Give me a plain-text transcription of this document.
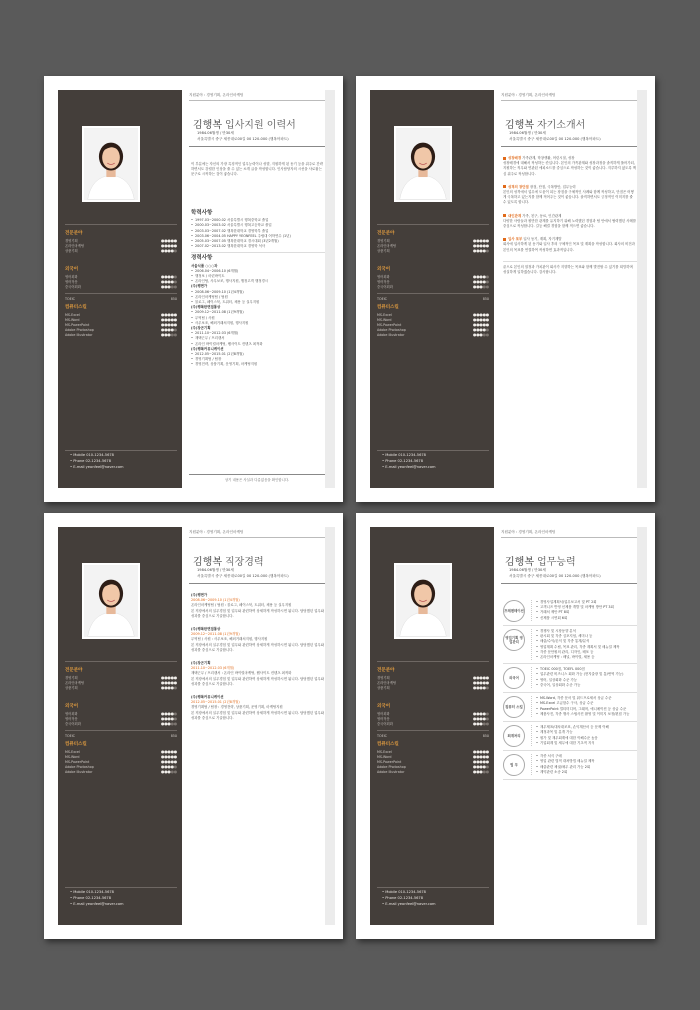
전문분야
경영기획	●●●●●
온라인마케팅	●●●●●
상품기획	●●●●●
외국어
영어회화	●●●●●
영어작문	●●●●●
중국어회화	●●●●●
컴퓨터스킬
MS-Excel	●●●●●
MS-Word	●●●●●
MS-PowerPoint	●●●●●
Adobe Photoshop	●●●●●
Adobe Illustrator	●●●●●
TOEIC	850
• Mobile 010-1234-5678
• Phone 02-1234-5678
• E-mail yeonfeel@naver.com
지원분야 : 경영기획, 온라인마케팅
김행복 입사지원 이력서
1984.06월생 / 만30세
서울특별시 중구 세종대로00길 00 120-000 (행복아파트)
이 부분에는 자신의 가장 특징적인 업무능력이나 성향, 지원하게 된 동기 등을 위주로 간략하면서도 강렬한 인상을 줄 수 있는 소개 글을 작성합니다. 인사담당자의 시선을 사로잡는 문구로 시작하는 것이 좋습니다.
학력사항
• 1997.03~2000.02 서울특별시 행복중학교 졸업
• 2000.03~2003.02 서울특별시 행복고등학교 졸업
• 2003.03~2007.02 행복한대학교 경영학부 졸업
• 2003.06~2004.05 HAPPY YEONFEEL 주립대 어학연수 (1년)
• 2005.03~2007.05 행복한대학교 경시대회 (3년2개월)
• 2007.02~2013.02 행복한대학교 경영학 석사
경력사항
서울식품 ○○○과
• 2006.04~2006.10 (6개월)
• 행정보 / 마린바이트
• 온라인팀, 사무보조, 행사지원, 행정고객 행정경시
(주)행면가
• 2008.06~2009.10 (1년4개월)
• 온라인마케팅팀 / 팀원
• 블로그, 페이스북, 트위터, 채용 등 실무지원
(주)행복한면접통상
• 2009.12~2011.08 (1년9개월)
• 무역팀 / 사원
• 사무보조, 해외거래처지원, 행사지원
(주)장곤기획
• 2011.10~2012.03 (6개월)
• 재택근무 / 프리랜서
• 온라인 바이럴마케팅, 웹사이트 컨텐츠 최적화
(주)행복커뮤니케이션
• 2012.05~2015.01 (2년8개월)
• 경영기획팀 / 팀장
• 경영전략, 상품기획, 운영기획, 마케팅지원
상기 내용은 사실과 다름없음을 확인합니다.
전문분야
경영기획	●●●●●
온라인마케팅	●●●●●
상품기획	●●●●●
외국어
영어회화	●●●●●
영어작문	●●●●●
중국어회화	●●●●●
컴퓨터스킬
MS-Excel	●●●●●
MS-Word	●●●●●
MS-PowerPoint	●●●●●
Adobe Photoshop	●●●●●
Adobe Illustrator	●●●●●
TOEIC	850
• Mobile 010-1234-5678
• Phone 02-1234-5678
• E-mail yeonfeel@naver.com
지원분야 : 경영기획, 온라인마케팅
김행복 자기소개서
1984.06월생 / 만30세
서울특별시 중구 세종대로00길 00 120-000 (행복아파트)
성장배경 가족관계, 학창생활, 어린시절, 성장
성장배경에 대해서 작성하는 칸입니다. 본인의 가족관계와 성장과정을 솔직하게 풀어가되, 지원하는 직무와 연관된 에피소드를 중심으로 작성하는 것이 좋습니다. 지루하지 않도록 핵심 위주로 작성합니다.
성격의 장단점 장점, 단점, 극복방안, 업무능력
본인의 성격에서 업무에 도움이 되는 장점을 구체적인 사례와 함께 작성하고, 단점은 어떻게 극복하고 있는지를 함께 적어주는 것이 좋습니다. 솔직하면서도 긍정적인 이미지를 줄 수 있도록 합니다.
대인관계 가족, 친구, 동료, 인간관계
다양한 사람들과 원만한 관계를 유지하기 위해 노력했던 경험과 팀 안에서 협력했던 사례를 중심으로 작성합니다. 갈등 해결 경험을 함께 적으면 좋습니다.
입사 포부 입사 동기, 계획, 자기계발
회사에 입사하게 된 동기와 입사 후의 구체적인 목표 및 계획을 작성합니다. 회사의 비전과 본인의 목표를 연결하여 작성하면 효과적입니다.
끝으로 본인의 열정과 가치관이 회사가 지향하는 목표와 함께 발전할 수 있기를 희망하며 성실하게 일하겠습니다. 감사합니다.
전문분야
경영기획	●●●●●
온라인마케팅	●●●●●
상품기획	●●●●●
외국어
영어회화	●●●●●
영어작문	●●●●●
중국어회화	●●●●●
컴퓨터스킬
MS-Excel	●●●●●
MS-Word	●●●●●
MS-PowerPoint	●●●●●
Adobe Photoshop	●●●●●
Adobe Illustrator	●●●●●
TOEIC	850
• Mobile 010-1234-5678
• Phone 02-1234-5678
• E-mail yeonfeel@naver.com
지원분야 : 경영기획, 온라인마케팅
김행복 직장경력
1984.06월생 / 만30세
서울특별시 중구 세종대로00길 00 120-000 (행복아파트)
(주)행면가
2008.06~2009.10 (1년4개월)
온라인마케팅팀 / 팀원 : 블로그, 페이스북, 트위터, 채용 등 실무지원
본 직장에서의 실무경험 및 업무와 관련하여 상세하게 작성하시면 됩니다. 담당했던 업무와 성과를 중심으로 기술합니다.
(주)행복한면접통상
2009.12~2011.08 (1년9개월)
무역팀 / 사원 : 사무보조, 해외거래처지원, 행사지원
본 직장에서의 실무경험 및 업무와 관련하여 상세하게 작성하시면 됩니다. 담당했던 업무와 성과를 중심으로 기술합니다.
(주)장곤기획
2011.10~2012.03 (6개월)
재택근무 / 프리랜서 : 온라인 바이럴마케팅, 웹사이트 컨텐츠 최적화
본 직장에서의 실무경험 및 업무와 관련하여 상세하게 작성하시면 됩니다. 담당했던 업무와 성과를 중심으로 기술합니다.
(주)행복커뮤니케이션
2012.05~2015.01 (2년8개월)
경영기획팀 / 팀장 : 경영전략, 상품기획, 운영기획, 마케팅지원
본 직장에서의 실무경험 및 업무와 관련하여 상세하게 작성하시면 됩니다. 담당했던 업무와 성과를 중심으로 기술합니다.
전문분야
경영기획	●●●●●
온라인마케팅	●●●●●
상품기획	●●●●●
외국어
영어회화	●●●●●
영어작문	●●●●●
중국어회화	●●●●●
컴퓨터스킬
MS-Excel	●●●●●
MS-Word	●●●●●
MS-PowerPoint	●●●●●
Adobe Photoshop	●●●●●
Adobe Illustrator	●●●●●
TOEIC	850
• Mobile 010-1234-5678
• Phone 02-1234-5678
• E-mail yeonfeel@naver.com
지원분야 : 경영기획, 온라인마케팅
김행복 업무능력
1984.06월생 / 만30세
서울특별시 중구 세종대로00길 00 120-000 (행복아파트)
프레젠테이션
• 경영사업계획서/업무보고서 및 PT 2회
• 고객니즈 반영 신제품 개발 및 마케팅 방안 PT 3회
• 거래처 제안 PT 8회
• 신제품 시연회 6회
영업기획 영업관리
• 경쟁사 및 시장동향 분석
• 판시회 및 각종 심포지엄, 세미나 등
• 매출/수익/손익 및 각종 통계/분석
• 영업계획 수립, 목표 관리, 각종 계획서 및 매뉴얼 제작
• 각종 문안원의 관리, 디자인, 배포 등
• 온라인마케팅 : 배널, 바이럴, 채용 등
외국어
• TOEIC 000점, TOEFL 000점
• 업무관련 비즈니스 회화 가능 (현지출장 및 통/번역 가능)
• 영어, 일상회화 수준 가능
• 중국어, 일상회화 수준 가능
컴퓨터 스킬
• MS-Word, 각종 문서 및 워드프로세서 상급 수준
• MS-Excel 고급함수 구사, 상급 수준
• PowerPoint 멀티미디어, 그래픽, 애니메이션 등 상급 수준
• 제품사진, 각종 행사 스냅사진 촬영 및 이미지 보정/편집 가능
회계처리
• 재무제표/대차대조표, 손익계산서 등 문제 이해
• 계정과목 및 분개 가능
• 원가 및 재무회계에 대한 이해수준 높음
• 기업회계 및 세무에 대한 기초적 지식
법 무
• 각종 서식 구매
• 영업 관련 법적 대처방법 매뉴얼 제작
• 매출관련 채권/채무 관리 가능 2회
• 계약관련 소송 2회
